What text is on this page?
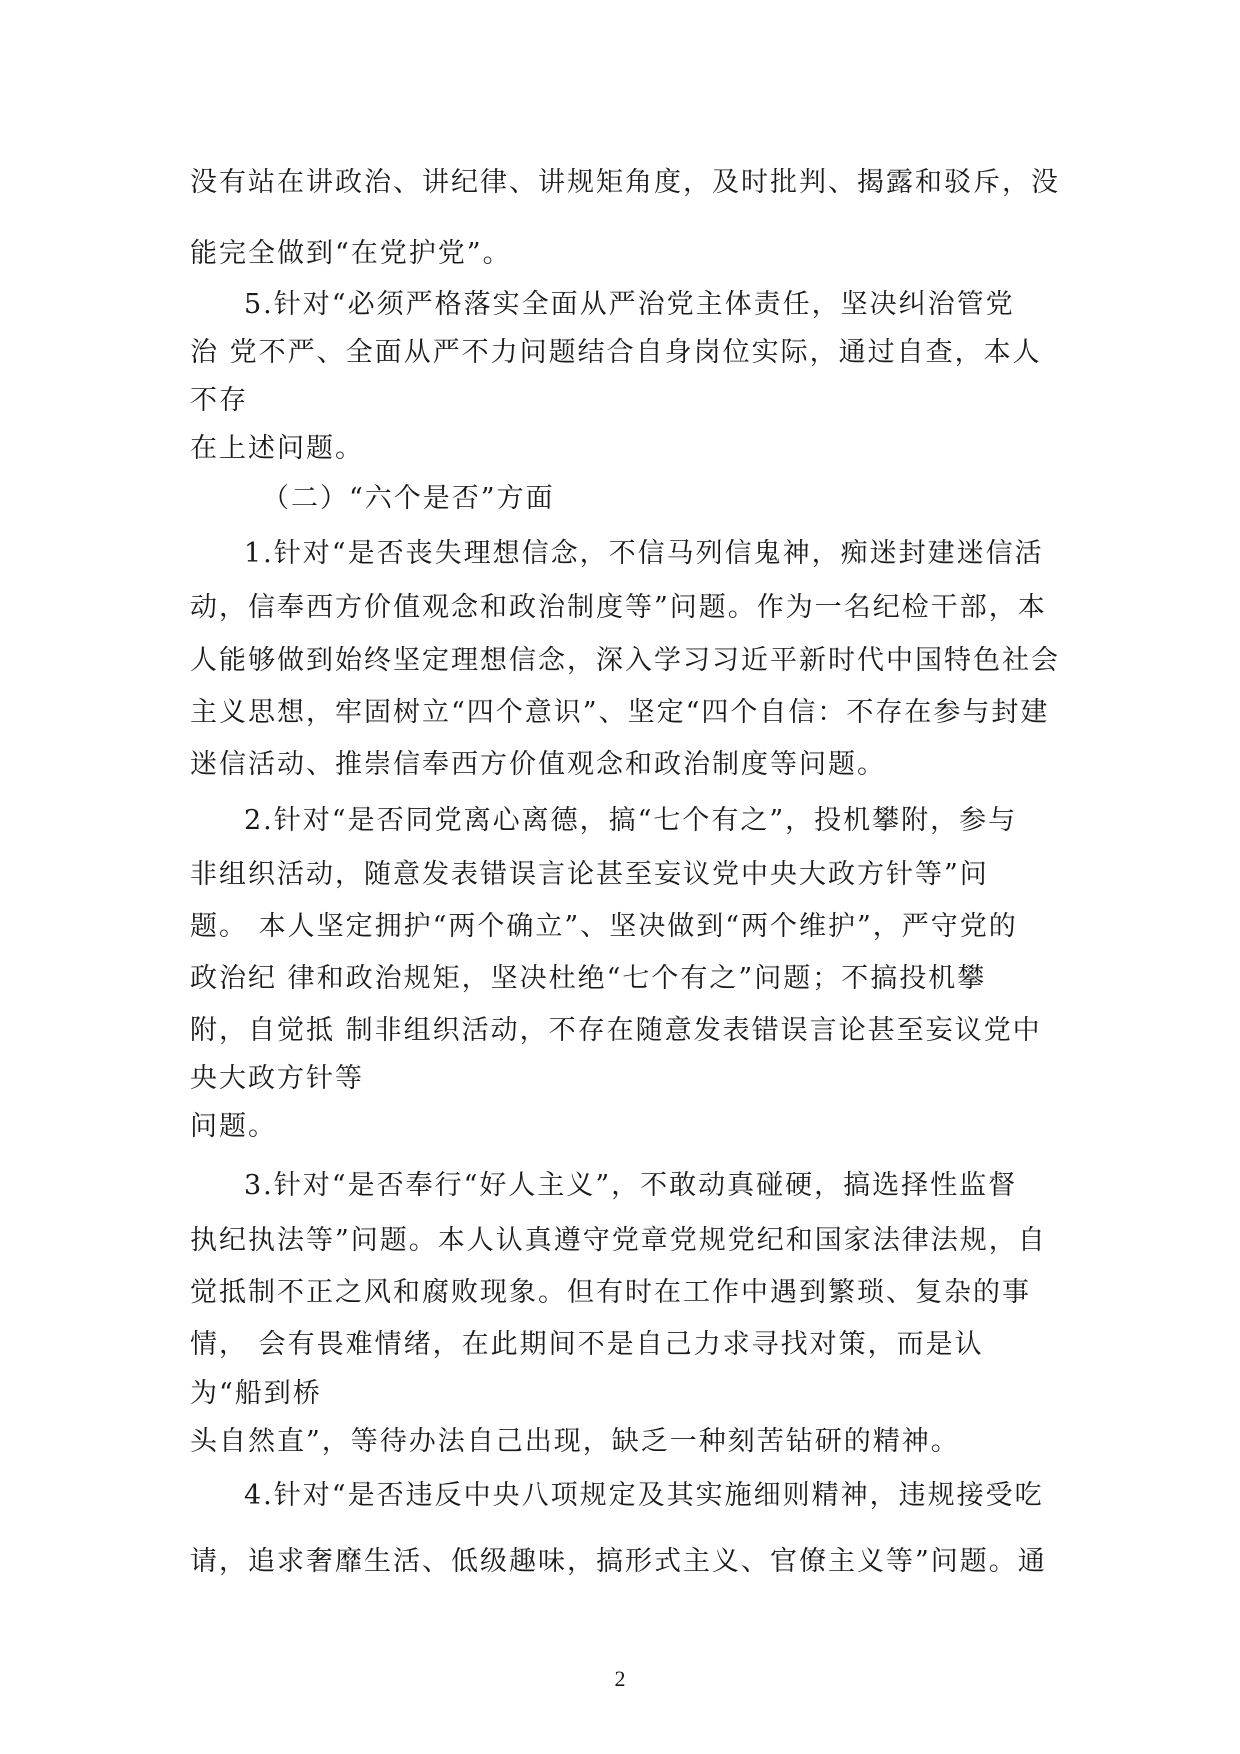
没有站在讲政治、讲纪律、讲规矩角度，及时批判、揭露和驳斥，没
能完全做到“在党护党”。
5.针对“必须严格落实全面从严治党主体责任，坚决纠治管党
治 党不严、全面从严不力问题结合自身岗位实际，通过自查，本人
不存
在上述问题。
（二）“六个是否”方面
1.针对“是否丧失理想信念，不信马列信鬼神，痴迷封建迷信活
动，信奉西方价值观念和政治制度等”问题。作为一名纪检干部，本
人能够做到始终坚定理想信念，深入学习习近平新时代中国特色社会
主义思想，牢固树立“四个意识”、坚定“四个自信：不存在参与封建
迷信活动、推崇信奉西方价值观念和政治制度等问题。
2.针对“是否同党离心离德，搞“七个有之”，投机攀附，参与
非组织活动，随意发表错误言论甚至妄议党中央大政方针等”问
题。 本人坚定拥护“两个确立”、坚决做到“两个维护”，严守党的
政治纪 律和政治规矩，坚决杜绝“七个有之”问题；不搞投机攀
附，自觉抵 制非组织活动，不存在随意发表错误言论甚至妄议党中
央大政方针等
问题。
3.针对“是否奉行“好人主义”，不敢动真碰硬，搞选择性监督
执纪执法等”问题。本人认真遵守党章党规党纪和国家法律法规，自
觉抵制不正之风和腐败现象。但有时在工作中遇到繁琐、复杂的事
情， 会有畏难情绪，在此期间不是自己力求寻找对策，而是认
为“船到桥
头自然直”，等待办法自己出现，缺乏一种刻苦钻研的精神。
4.针对“是否违反中央八项规定及其实施细则精神，违规接受吃
请，追求奢靡生活、低级趣味，搞形式主义、官僚主义等”问题。通
2
